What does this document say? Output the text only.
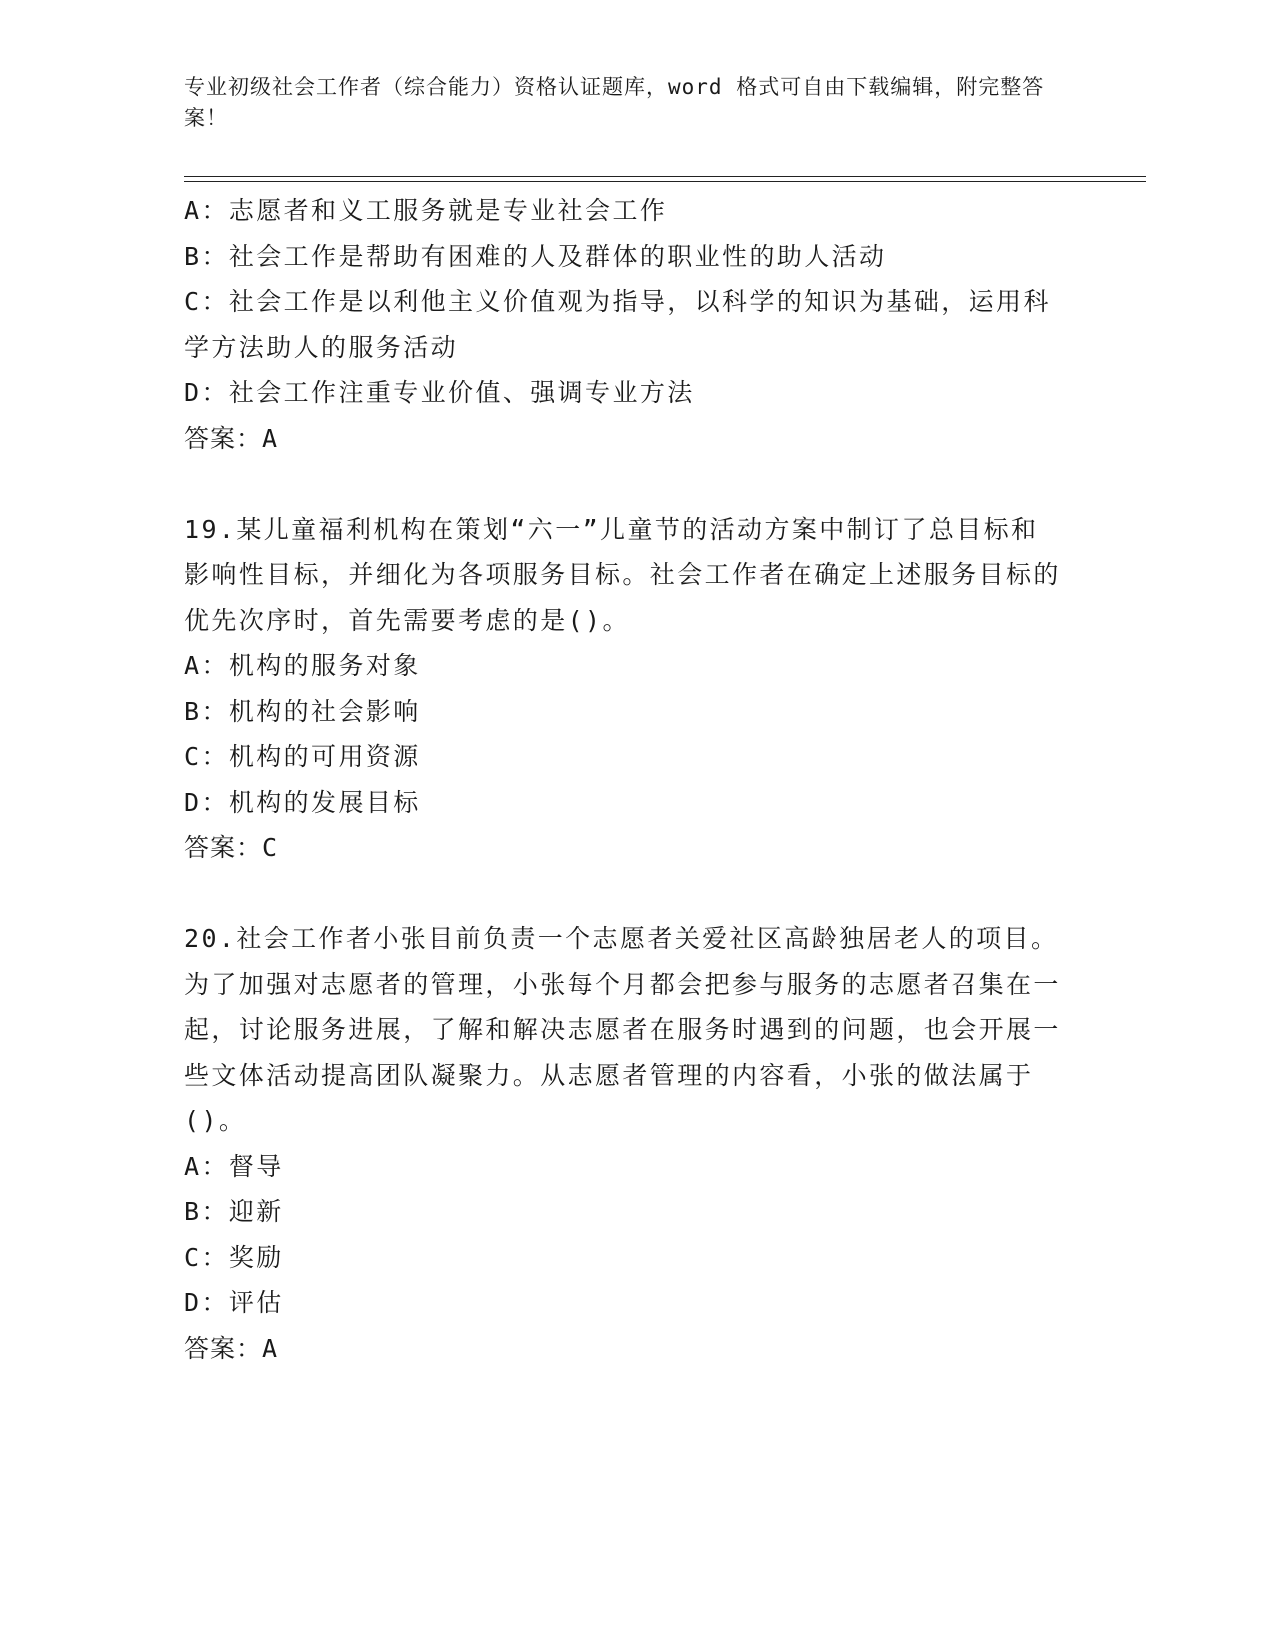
专业初级社会工作者（综合能力）资格认证题库，word 格式可自由下载编辑，附完整答案！
A：志愿者和义工服务就是专业社会工作
B：社会工作是帮助有困难的人及群体的职业性的助人活动
C：社会工作是以利他主义价值观为指导，以科学的知识为基础，运用科学方法助人的服务活动
D：社会工作注重专业价值、强调专业方法
答案：A
19.某儿童福利机构在策划“六一”儿童节的活动方案中制订了总目标和影响性目标，并细化为各项服务目标。社会工作者在确定上述服务目标的优先次序时，首先需要考虑的是()。
A：机构的服务对象
B：机构的社会影响
C：机构的可用资源
D：机构的发展目标
答案：C
20.社会工作者小张目前负责一个志愿者关爱社区高龄独居老人的项目。为了加强对志愿者的管理，小张每个月都会把参与服务的志愿者召集在一起，讨论服务进展，了解和解决志愿者在服务时遇到的问题，也会开展一些文体活动提高团队凝聚力。从志愿者管理的内容看，小张的做法属于()。
A：督导
B：迎新
C：奖励
D：评估
答案：A
